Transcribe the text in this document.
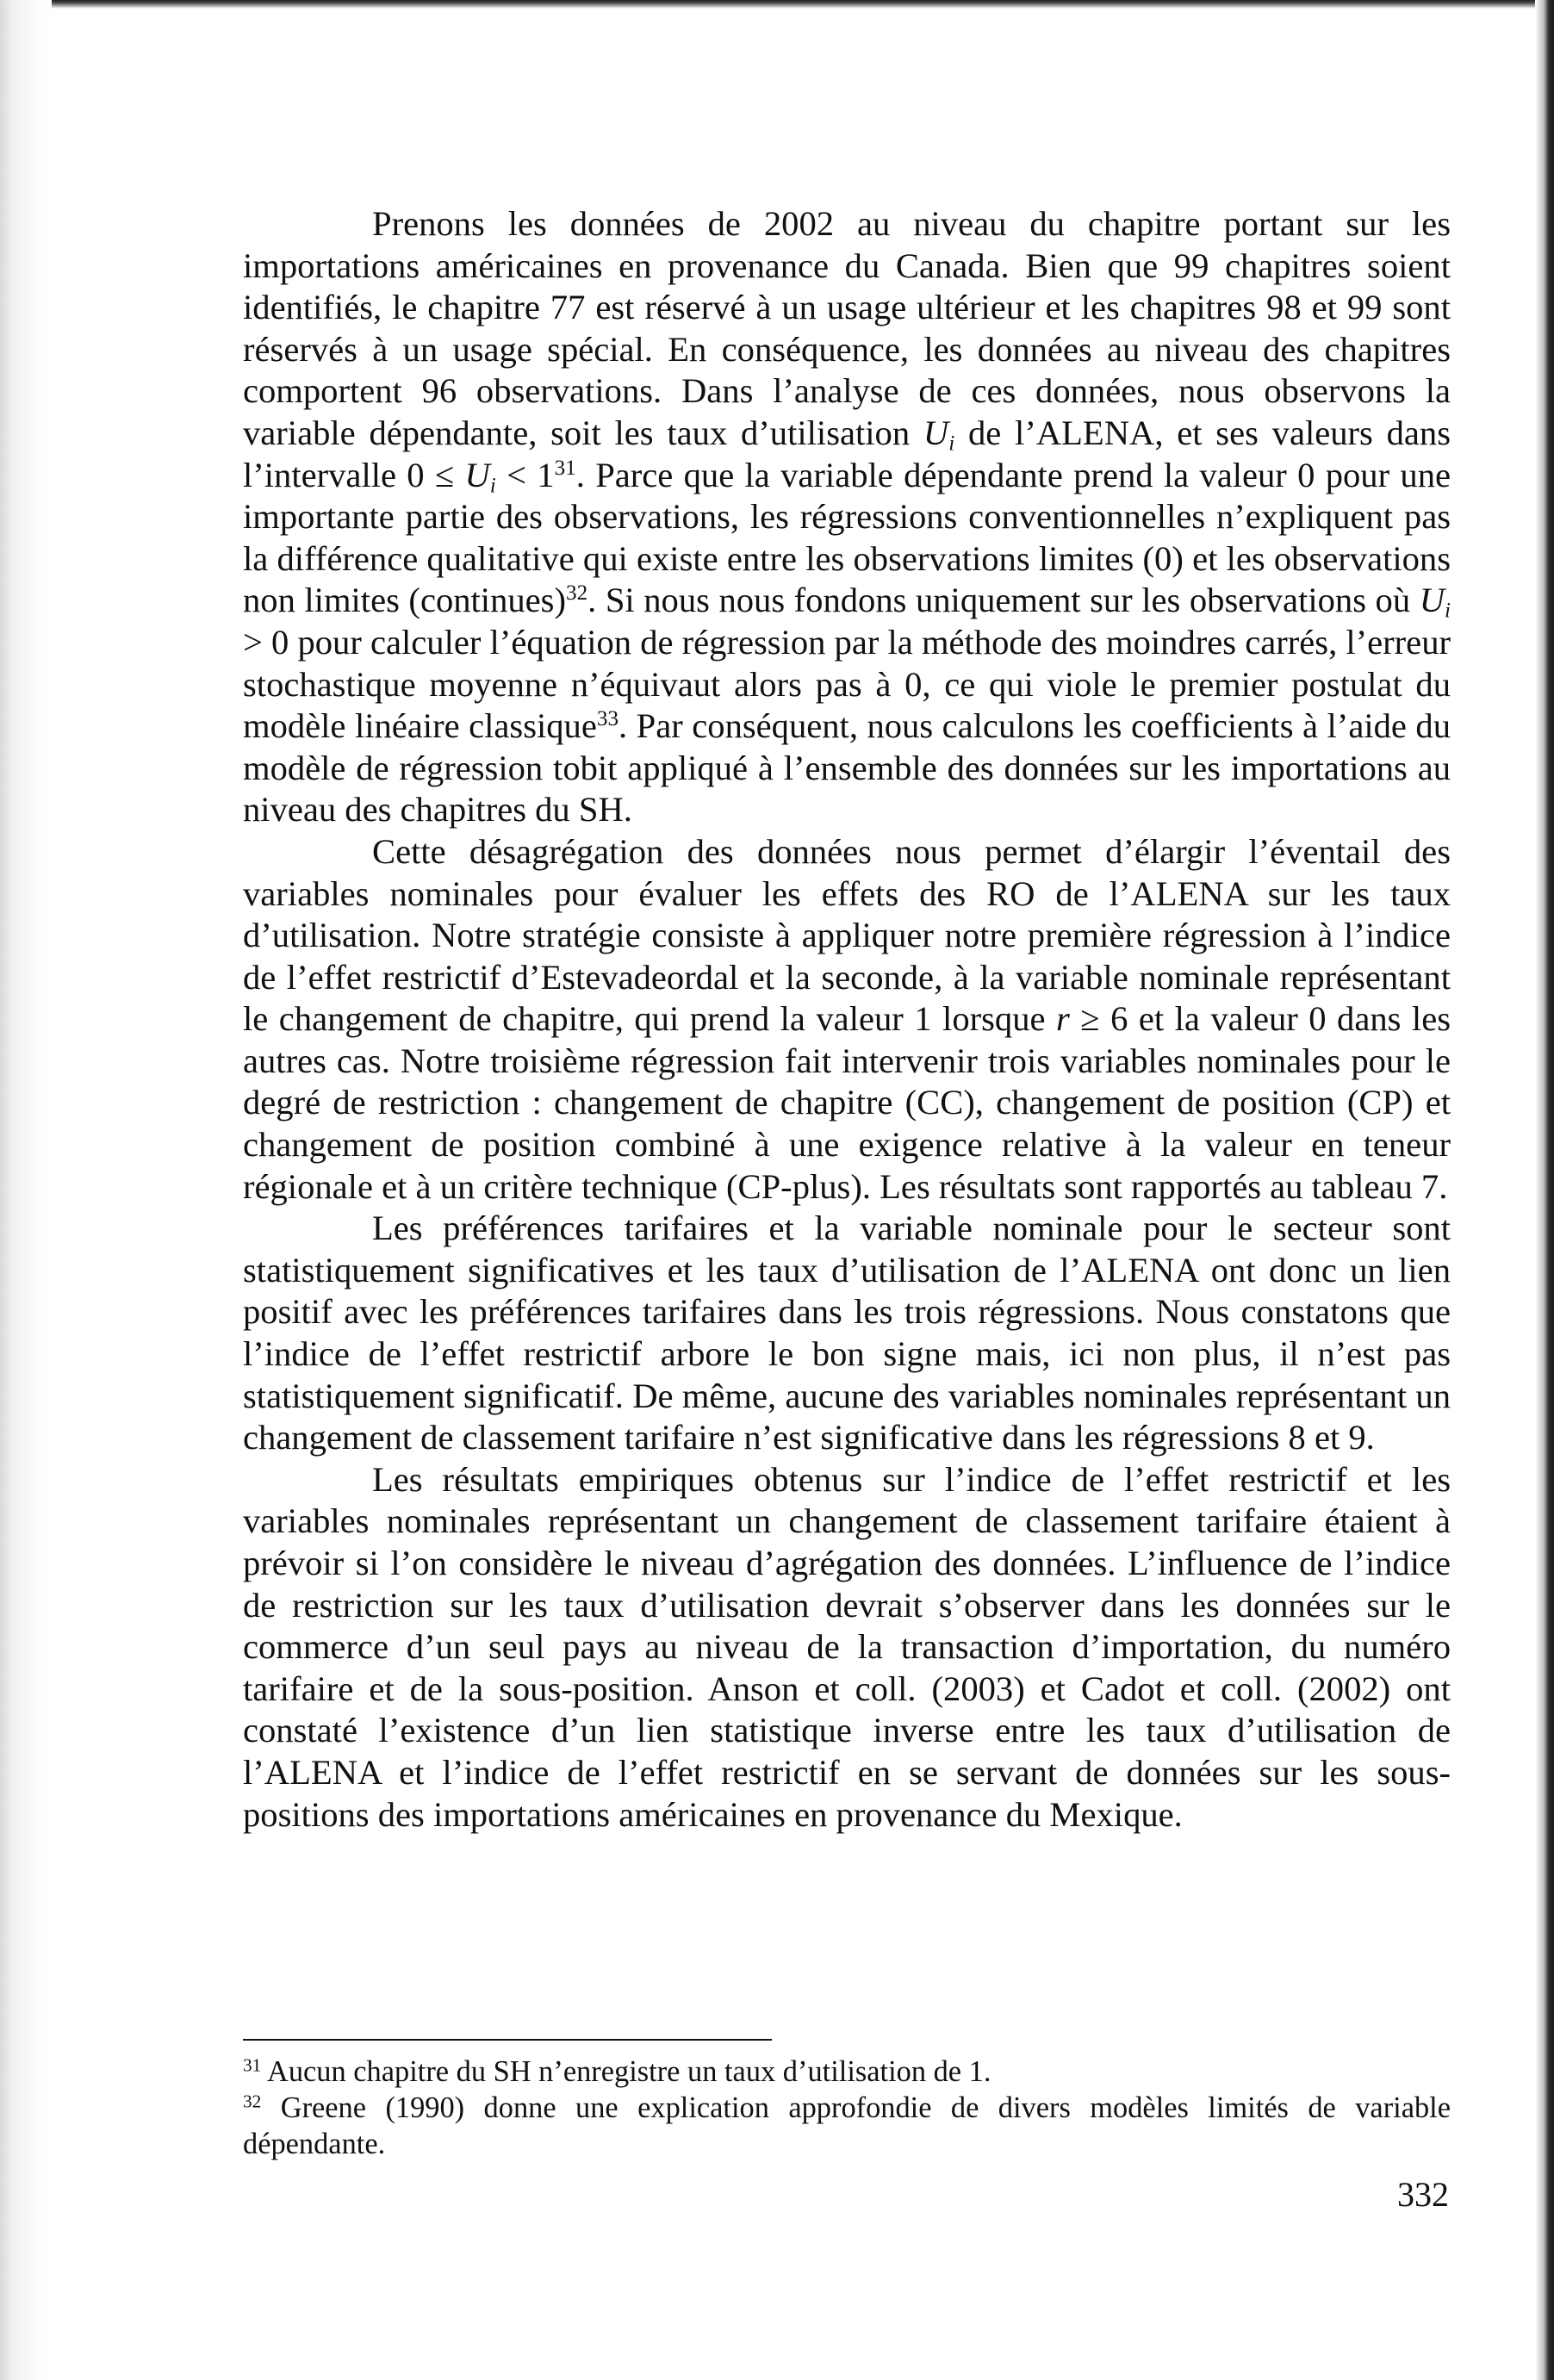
Prenons les données de 2002 au niveau du chapitre portant sur les importations américaines en provenance du Canada. Bien que 99 chapitres soient identifiés, le chapitre 77 est réservé à un usage ultérieur et les chapitres 98 et 99 sont réservés à un usage spécial. En conséquence, les données au niveau des chapitres comportent 96 observations. Dans l’analyse de ces données, nous observons la variable dépendante, soit les taux d’utilisation $U_i$ de l’ALENA, et ses valeurs dans l’intervalle $0 \le U_i < 1^{31}$. Parce que la variable dépendante prend la valeur 0 pour une importante partie des observations, les régressions conventionnelles n’expliquent pas la différence qualitative qui existe entre les observations limites (0) et les observations non limites (continues)$^{32}$. Si nous nous fondons uniquement sur les observations où $U_i > 0$ pour calculer l’équation de régression par la méthode des moindres carrés, l’erreur stochastique moyenne n’équivaut alors pas à 0, ce qui viole le premier postulat du modèle linéaire classique$^{33}$. Par conséquent, nous calculons les coefficients à l’aide du modèle de régression tobit appliqué à l’ensemble des données sur les importations au niveau des chapitres du SH.

Cette désagrégation des données nous permet d’élargir l’éventail des variables nominales pour évaluer les effets des RO de l’ALENA sur les taux d’utilisation. Notre stratégie consiste à appliquer notre première régression à l’indice de l’effet restrictif d’Estevadeordal et la seconde, à la variable nominale représentant le changement de chapitre, qui prend la valeur 1 lorsque r ≥ 6 et la valeur 0 dans les autres cas. Notre troisième régression fait intervenir trois variables nominales pour le degré de restriction : changement de chapitre (CC), changement de position (CP) et changement de position combiné à une exigence relative à la valeur en teneur régionale et à un critère technique (CP-plus). Les résultats sont rapportés au tableau 7.

Les préférences tarifaires et la variable nominale pour le secteur sont statistiquement significatives et les taux d’utilisation de l’ALENA ont donc un lien positif avec les préférences tarifaires dans les trois régressions. Nous constatons que l’indice de l’effet restrictif arbore le bon signe mais, ici non plus, il n’est pas statistiquement significatif. De même, aucune des variables nominales représentant un changement de classement tarifaire n’est significative dans les régressions 8 et 9.

Les résultats empiriques obtenus sur l’indice de l’effet restrictif et les variables nominales représentant un changement de classement tarifaire étaient à prévoir si l’on considère le niveau d’agrégation des données. L’influence de l’indice de restriction sur les taux d’utilisation devrait s’observer dans les données sur le commerce d’un seul pays au niveau de la transaction d’importation, du numéro tarifaire et de la sous-position. Anson et coll. (2003) et Cadot et coll. (2002) ont constaté l’existence d’un lien statistique inverse entre les taux d’utilisation de l’ALENA et l’indice de l’effet restrictif en se servant de données sur les sous-positions des importations américaines en provenance du Mexique.

$^{31}$ Aucun chapitre du SH n’enregistre un taux d’utilisation de 1.

$^{32}$ Greene (1990) donne une explication approfondie de divers modèles limités de variable dépendante.

332
